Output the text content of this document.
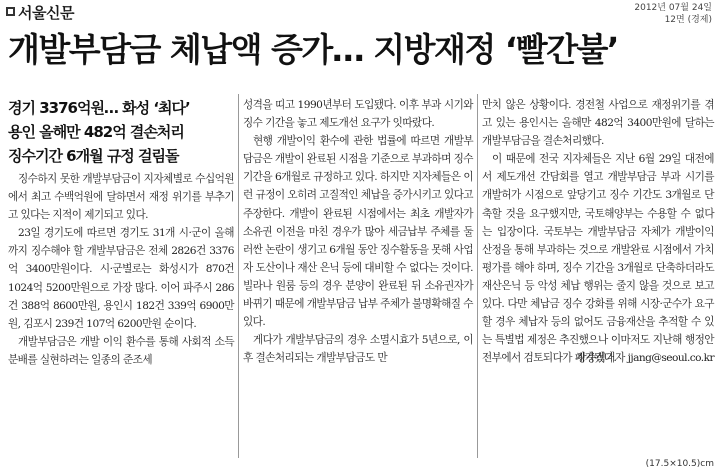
서울신문	2012년 07월 24일
12면 (경제)
개발부담금 체납액 증가… 지방재정 ‘빨간불’
경기 3376억원… 화성 ‘최다’
용인 올해만 482억 결손처리
징수기간 6개월 규정 걸림돌

징수하지 못한 개발부담금이 지자체별로 수십억원에서 최고 수백억원에 달하면서 재정 위기를 부추기고 있다는 지적이 제기되고 있다.

23일 경기도에 따르면 경기도 31개 시·군이 올해까지 징수해야 할 개발부담금은 전체 2826건 3376억 3400만원이다. 시·군별로는 화성시가 870건 1024억 5200만원으로 가장 많다. 이어 파주시 286건 388억 8600만원, 용인시 182건 339억 6900만원, 김포시 239건 107억 6200만원 순이다.

개발부담금은 개발 이익 환수를 통해 사회적 소득분배를 실현하려는 일종의 준조세

성격을 띠고 1990년부터 도입됐다. 이후 부과 시기와 징수 기간을 놓고 제도개선 요구가 잇따랐다.

현행 개발이익 환수에 관한 법률에 따르면 개발부담금은 개발이 완료된 시점을 기준으로 부과하며 징수 기간을 6개월로 규정하고 있다. 하지만 지자체들은 이런 규정이 오히려 고질적인 체납을 증가시키고 있다고 주장한다. 개발이 완료된 시점에서는 최초 개발자가 소유권 이전을 마친 경우가 많아 세금납부 주체를 둘러싼 논란이 생기고 6개월 동안 징수활동을 못해 사업자 도산이나 재산 은닉 등에 대비할 수 없다는 것이다. 빌라나 원룸 등의 경우 분양이 완료된 뒤 소유권자가 바뀌기 때문에 개발부담금 납부 주체가 불명확해질 수 있다.

게다가 개발부담금의 경우 소멸시효가 5년으로, 이후 결손처리되는 개발부담금도 만

만치 않은 상황이다. 경전철 사업으로 재정위기를 겪고 있는 용인시는 올해만 482억 3400만원에 달하는 개발부담금을 결손처리했다.

이 때문에 전국 지자체들은 지난 6월 29일 대전에서 제도개선 간담회를 열고 개발부담금 부과 시기를 개발허가 시점으로 앞당기고 징수 기간도 3개월로 단축할 것을 요구했지만, 국토해양부는 수용할 수 없다는 입장이다. 국토부는 개발부담금 자체가 개발이익 산정을 통해 부과하는 것으로 개발완료 시점에서 가치 평가를 해야 하며, 징수 기간을 3개월로 단축하더라도 재산은닉 등 악성 체납 행위는 줄지 않을 것으로 보고 있다. 다만 체납금 징수 강화를 위해 시장·군수가 요구할 경우 체납자 등의 없어도 금융재산을 추적할 수 있는 특별법 제정은 추진했으나 이마저도 지난해 행정안전부에서 검토되다가 폐기됐다.

장충식기자 jjang@seoul.co.kr
(17.5×10.5)cm
